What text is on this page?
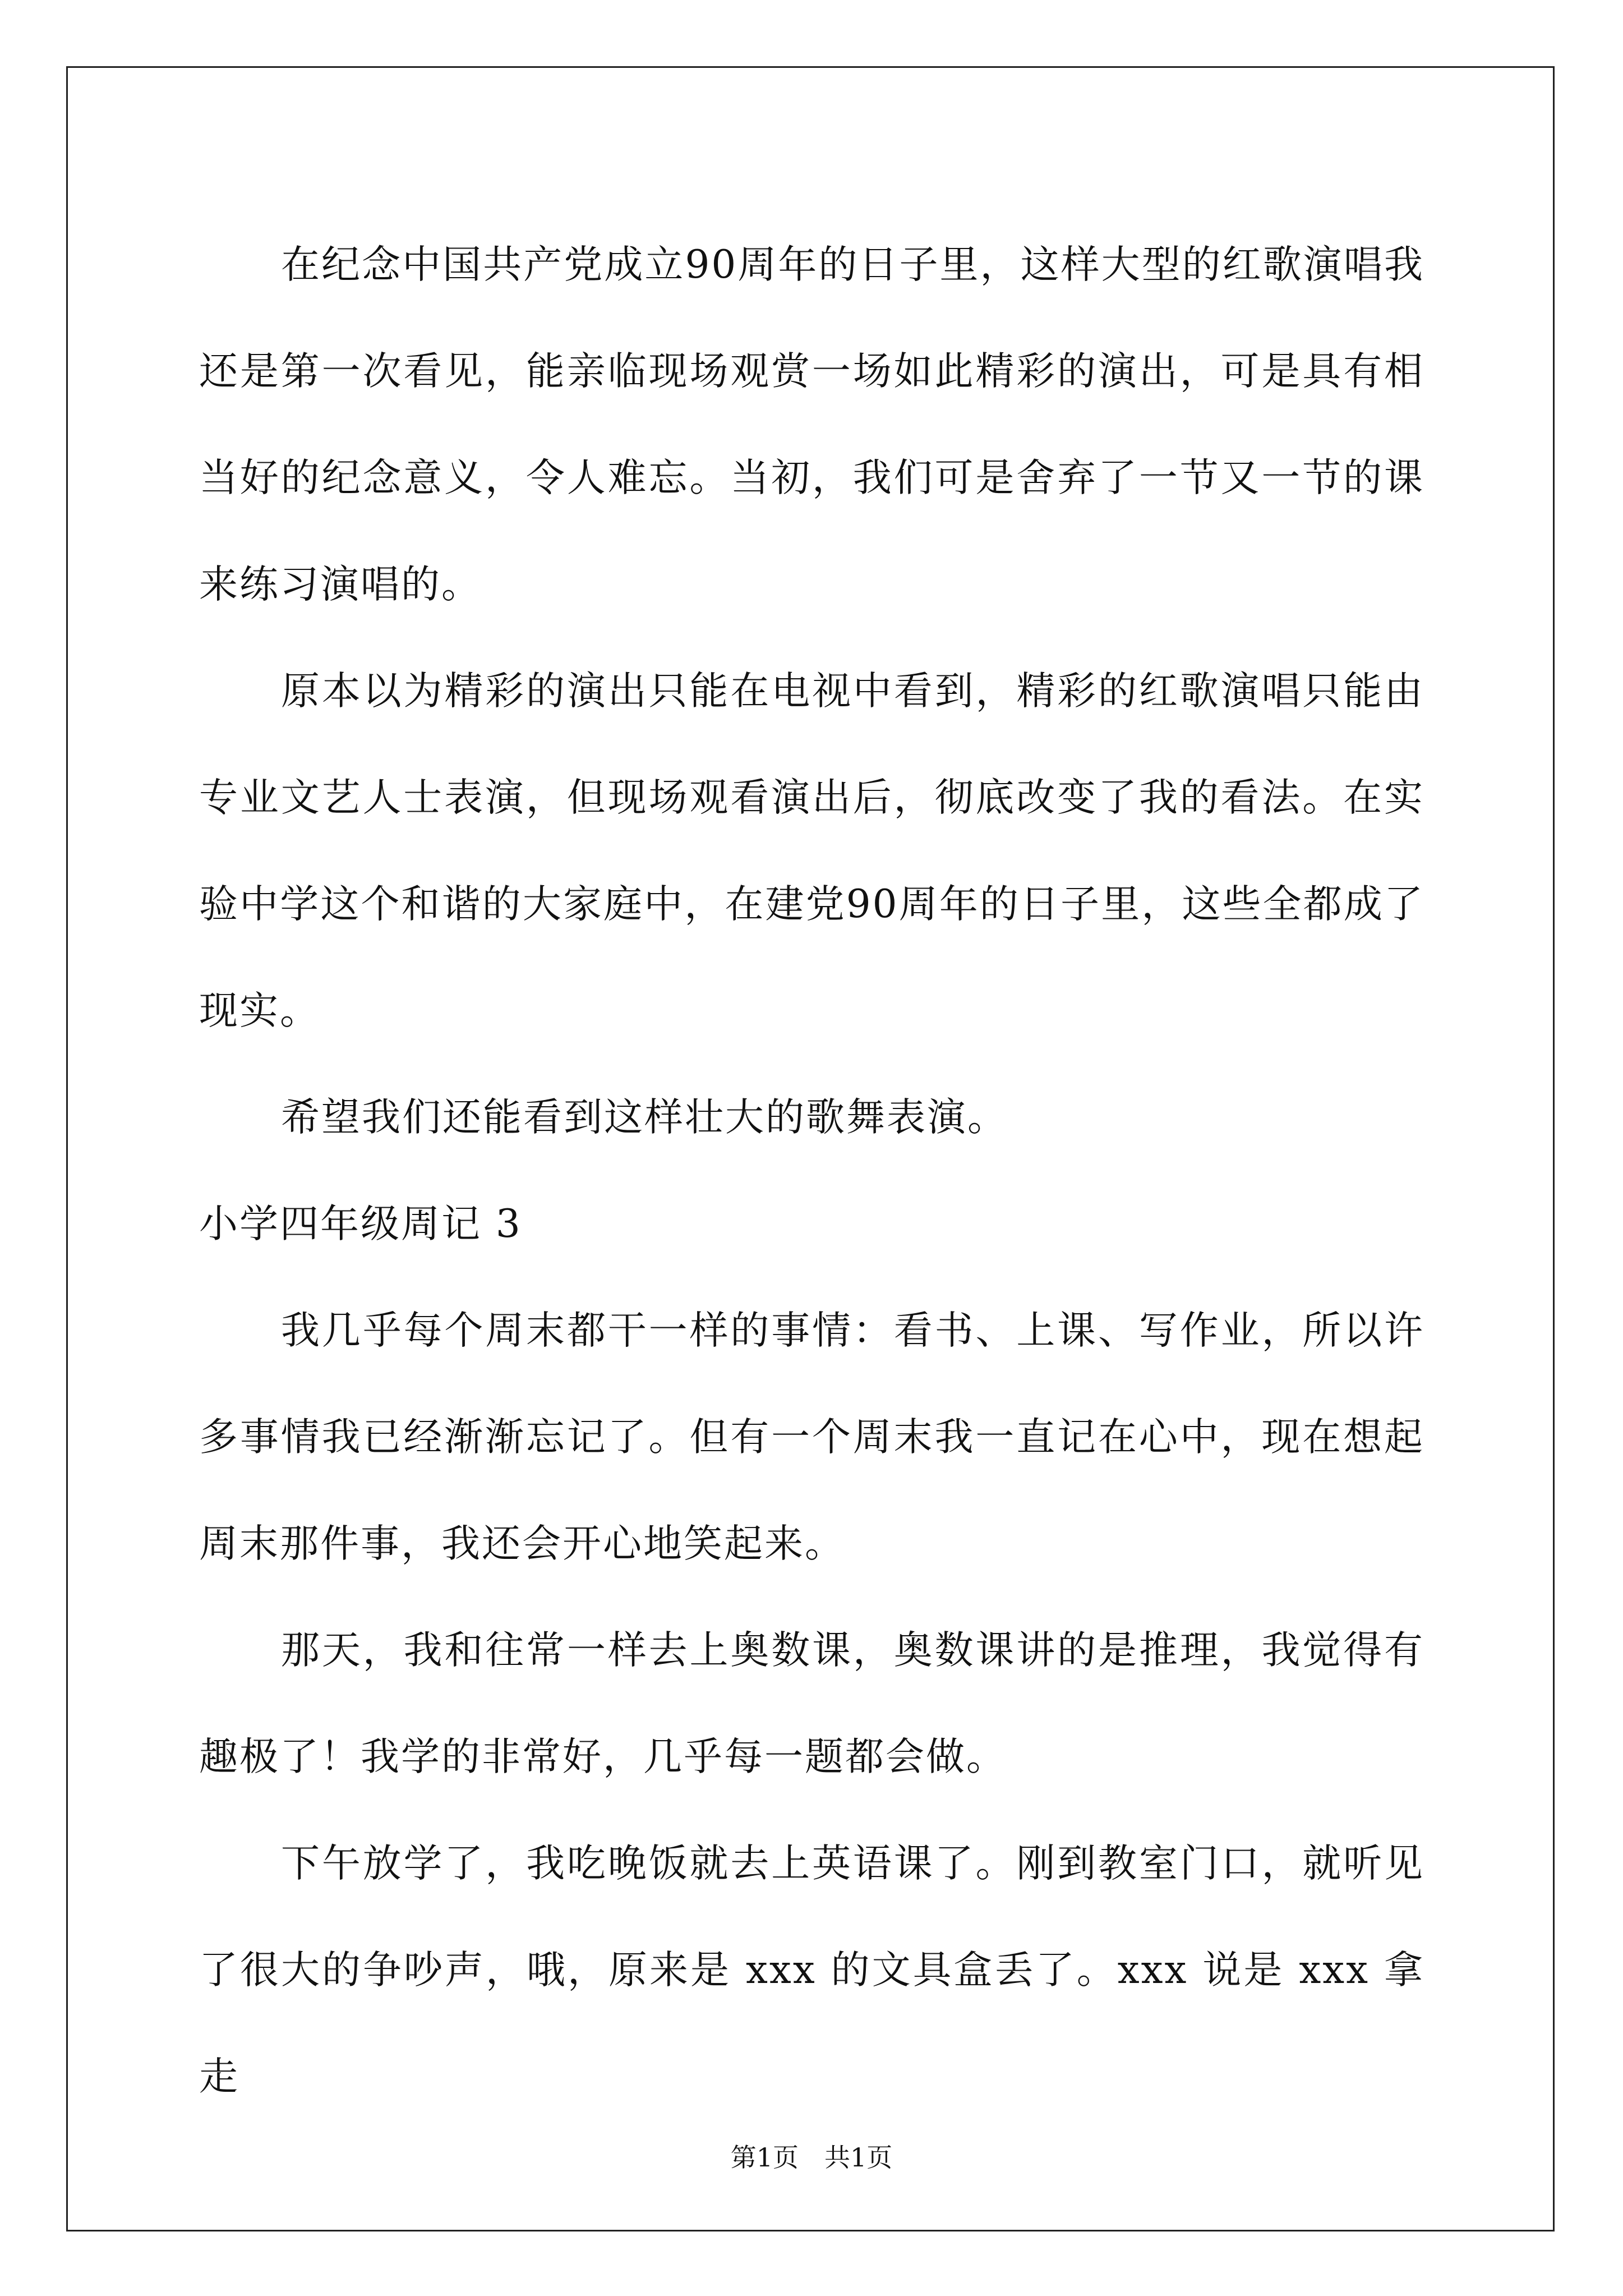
在纪念中国共产党成立90周年的日子里，这样大型的红歌演唱我还是第一次看见，能亲临现场观赏一场如此精彩的演出，可是具有相当好的纪念意义，令人难忘。当初，我们可是舍弃了一节又一节的课来练习演唱的。

原本以为精彩的演出只能在电视中看到，精彩的红歌演唱只能由专业文艺人士表演，但现场观看演出后，彻底改变了我的看法。在实验中学这个和谐的大家庭中，在建党90周年的日子里，这些全都成了现实。

希望我们还能看到这样壮大的歌舞表演。

小学四年级周记 3

我几乎每个周末都干一样的事情：看书、上课、写作业，所以许多事情我已经渐渐忘记了。但有一个周末我一直记在心中，现在想起周末那件事，我还会开心地笑起来。

那天，我和往常一样去上奥数课，奥数课讲的是推理，我觉得有趣极了！我学的非常好，几乎每一题都会做。

下午放学了，我吃晚饭就去上英语课了。刚到教室门口，就听见了很大的争吵声，哦，原来是 xxx 的文具盒丢了。xxx 说是 xxx 拿走

第1页　共1页
